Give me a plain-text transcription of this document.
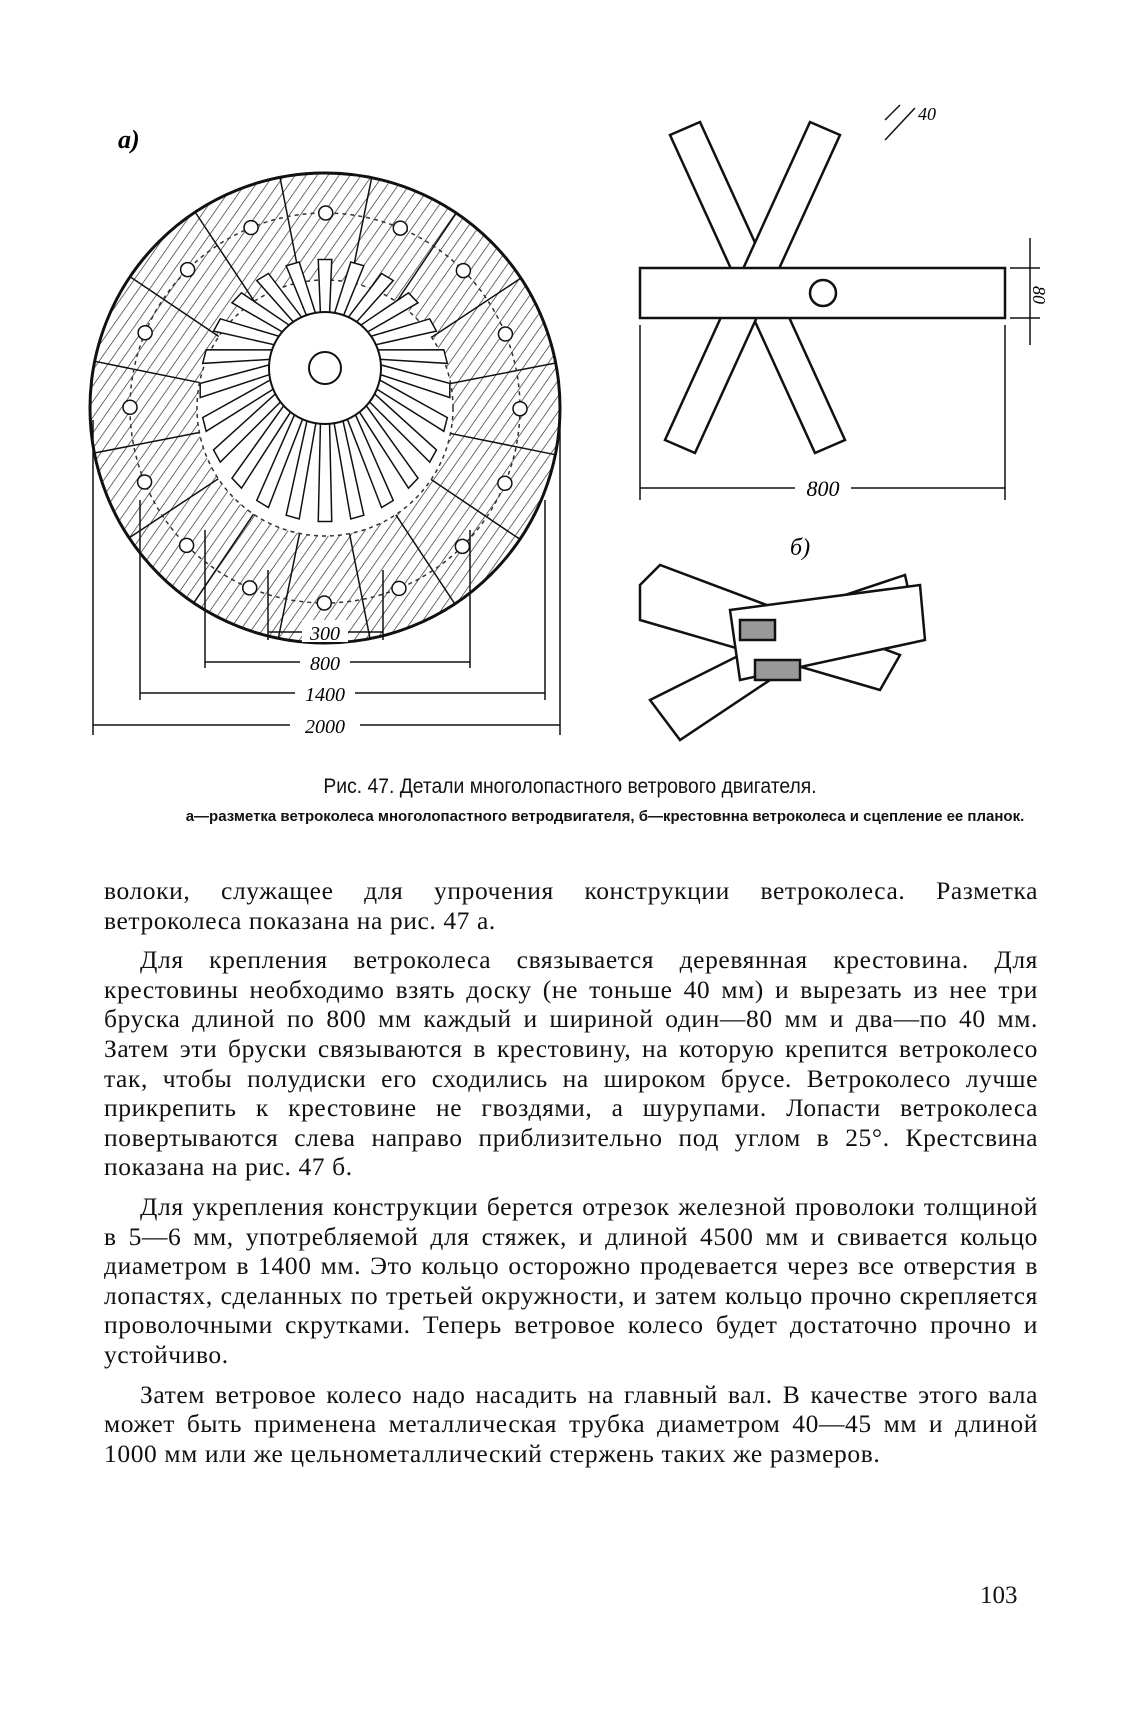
а)
300
800
1400
2000
40
80
800
б)
Рис. 47. Детали многолопастного ветрового двигателя.
а—разметка ветроколеса многолопастного ветродвигателя, б—крестовнна ветроколеса и сцепление ее планок.

волоки, служащее для упрочения конструкции ветроколеса. Разметка ветроколеса показана на рис. 47 а.

Для крепления ветроколеса связывается деревянная крестовина. Для крестовины необходимо взять доску (не тоньше 40 мм) и вырезать из нее три бруска длиной по 800 мм каждый и шириной один—80 мм и два—по 40 мм. Затем эти бруски связываются в крестовину, на которую крепится ветроколесо так, чтобы полудиски его сходились на широком брусе. Ветроколесо лучше прикрепить к крестовине не гвоздями, а шурупами. Лопасти ветроколеса повертываются слева направо приблизительно под углом в 25°. Крестсвина показана на рис. 47 б.

Для укрепления конструкции берется отрезок железной проволоки толщиной в 5—6 мм, употребляемой для стяжек, и длиной 4500 мм и свивается кольцо диаметром в 1400 мм. Это кольцо осторожно продевается через все отверстия в лопастях, сделанных по третьей окружности, и затем кольцо прочно скрепляется проволочными скрутками. Теперь ветровое колесо будет достаточно прочно и устойчиво.

Затем ветровое колесо надо насадить на главный вал. В качестве этого вала может быть применена металлическая трубка диаметром 40—45 мм и длиной 1000 мм или же цельнометаллический стержень таких же размеров.

103
